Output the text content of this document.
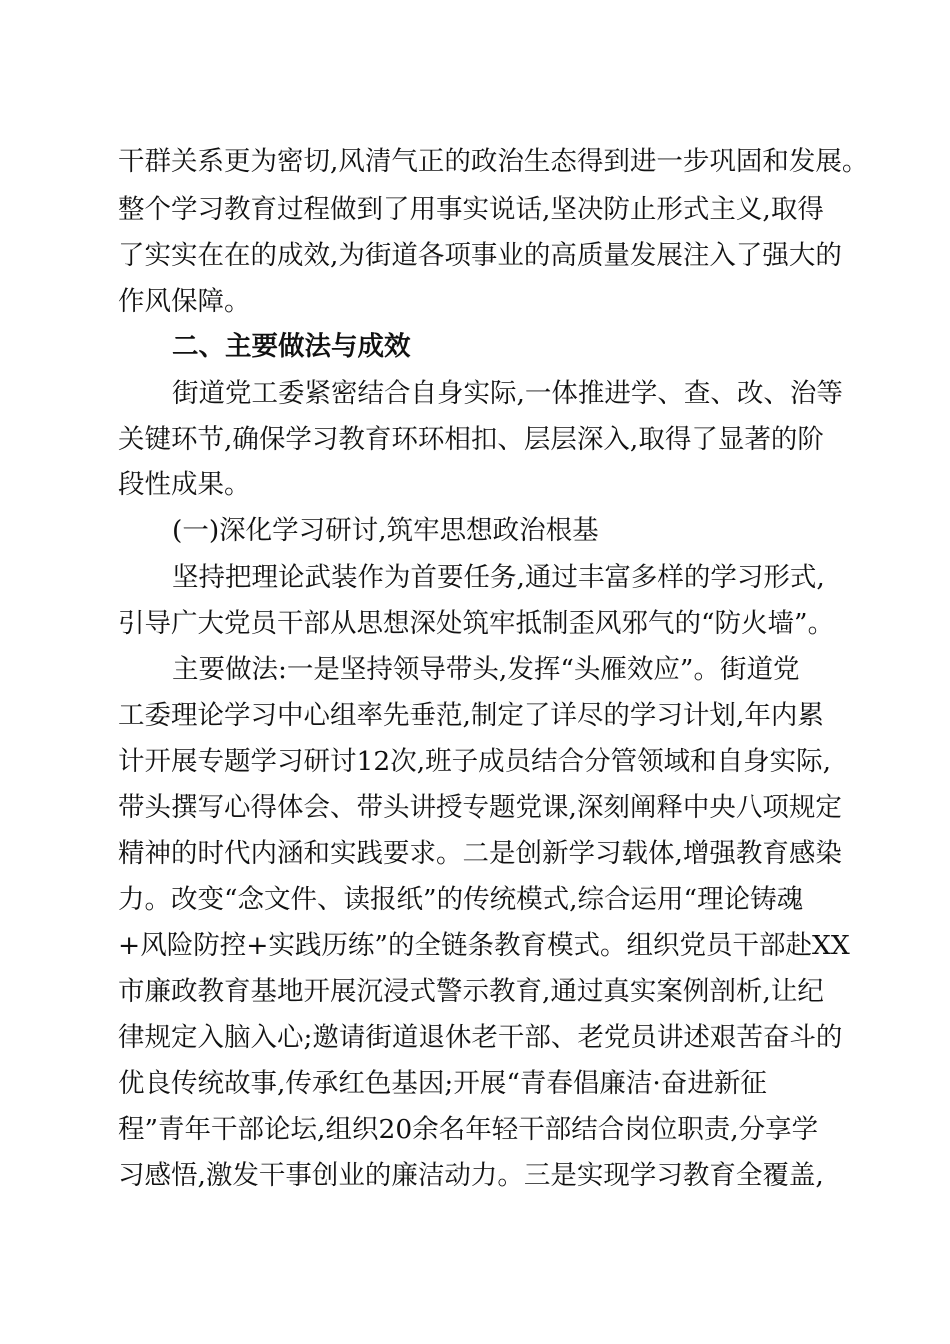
干群关系更为密切,风清气正的政治生态得到进一步巩固和发展。
整个学习教育过程做到了用事实说话,坚决防止形式主义,取得
了实实在在的成效,为街道各项事业的高质量发展注入了强大的
作风保障。
二、主要做法与成效
街道党工委紧密结合自身实际,一体推进学、查、改、治等
关键环节,确保学习教育环环相扣、层层深入,取得了显著的阶
段性成果。
(一)深化学习研讨,筑牢思想政治根基
坚持把理论武装作为首要任务,通过丰富多样的学习形式,
引导广大党员干部从思想深处筑牢抵制歪风邪气的“防火墙”。
主要做法:一是坚持领导带头,发挥“头雁效应”。街道党
工委理论学习中心组率先垂范,制定了详尽的学习计划,年内累
计开展专题学习研讨12次,班子成员结合分管领域和自身实际,
带头撰写心得体会、带头讲授专题党课,深刻阐释中央八项规定
精神的时代内涵和实践要求。二是创新学习载体,增强教育感染
力。改变“念文件、读报纸”的传统模式,综合运用“理论铸魂
+风险防控+实践历练”的全链条教育模式。组织党员干部赴XX
市廉政教育基地开展沉浸式警示教育,通过真实案例剖析,让纪
律规定入脑入心;邀请街道退休老干部、老党员讲述艰苦奋斗的
优良传统故事,传承红色基因;开展“青春倡廉洁·奋进新征
程”青年干部论坛,组织20余名年轻干部结合岗位职责,分享学
习感悟,激发干事创业的廉洁动力。三是实现学习教育全覆盖,
